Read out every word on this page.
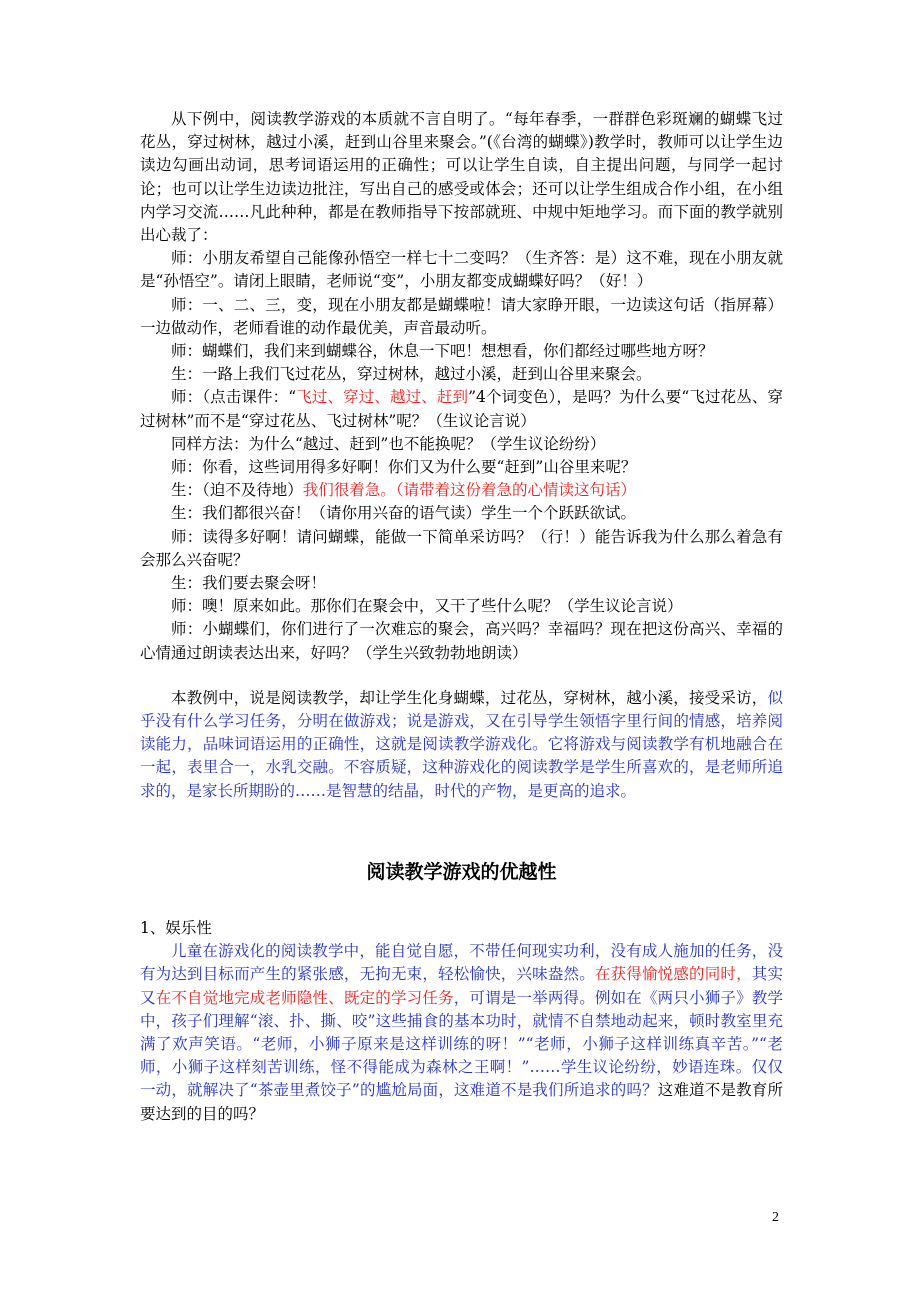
从下例中，阅读教学游戏的本质就不言自明了。“每年春季，一群群色彩斑斓的蝴蝶飞过花丛，穿过树林，越过小溪，赶到山谷里来聚会。”(《台湾的蝴蝶》)教学时，教师可以让学生边读边勾画出动词，思考词语运用的正确性；可以让学生自读，自主提出问题，与同学一起讨论；也可以让学生边读边批注，写出自己的感受或体会；还可以让学生组成合作小组，在小组内学习交流……凡此种种，都是在教师指导下按部就班、中规中矩地学习。而下面的教学就别出心裁了：

师：小朋友希望自己能像孙悟空一样七十二变吗？（生齐答：是）这不难，现在小朋友就是“孙悟空”。请闭上眼睛，老师说“变”，小朋友都变成蝴蝶好吗？（好！）

师：一、二、三，变，现在小朋友都是蝴蝶啦！请大家睁开眼，一边读这句话（指屏幕）一边做动作，老师看谁的动作最优美，声音最动听。

师：蝴蝶们，我们来到蝴蝶谷，休息一下吧！想想看，你们都经过哪些地方呀？

生：一路上我们飞过花丛，穿过树林，越过小溪，赶到山谷里来聚会。

师：（点击课件：“飞过、穿过、越过、赶到”4个词变色），是吗？为什么要“飞过花丛、穿过树林”而不是“穿过花丛、飞过树林”呢？（生议论言说）

同样方法：为什么“越过、赶到”也不能换呢？（学生议论纷纷）

师：你看，这些词用得多好啊！你们又为什么要“赶到”山谷里来呢？

生：（迫不及待地）我们很着急。（请带着这份着急的心情读这句话）

生：我们都很兴奋！（请你用兴奋的语气读）学生一个个跃跃欲试。

师：读得多好啊！请问蝴蝶，能做一下简单采访吗？（行！）能告诉我为什么那么着急有会那么兴奋呢？

生：我们要去聚会呀！

师：噢！原来如此。那你们在聚会中，又干了些什么呢？（学生议论言说）

师：小蝴蝶们，你们进行了一次难忘的聚会，高兴吗？幸福吗？现在把这份高兴、幸福的心情通过朗读表达出来，好吗？（学生兴致勃勃地朗读）

本教例中，说是阅读教学，却让学生化身蝴蝶，过花丛，穿树林，越小溪，接受采访，似乎没有什么学习任务，分明在做游戏；说是游戏，又在引导学生领悟字里行间的情感，培养阅读能力，品味词语运用的正确性，这就是阅读教学游戏化。它将游戏与阅读教学有机地融合在一起，表里合一，水乳交融。不容质疑，这种游戏化的阅读教学是学生所喜欢的，是老师所追求的，是家长所期盼的……是智慧的结晶，时代的产物，是更高的追求。

阅读教学游戏的优越性

1、娱乐性

儿童在游戏化的阅读教学中，能自觉自愿，不带任何现实功利，没有成人施加的任务，没有为达到目标而产生的紧张感，无拘无束，轻松愉快，兴味盎然。在获得愉悦感的同时，其实又在不自觉地完成老师隐性、既定的学习任务，可谓是一举两得。例如在《两只小狮子》教学中，孩子们理解“滚、扑、撕、咬”这些捕食的基本功时，就情不自禁地动起来，顿时教室里充满了欢声笑语。“老师，小狮子原来是这样训练的呀！”“老师，小狮子这样训练真辛苦。”“老师，小狮子这样刻苦训练，怪不得能成为森林之王啊！”……学生议论纷纷，妙语连珠。仅仅一动，就解决了“茶壶里煮饺子”的尴尬局面，这难道不是我们所追求的吗？这难道不是教育所要达到的目的吗？

2
